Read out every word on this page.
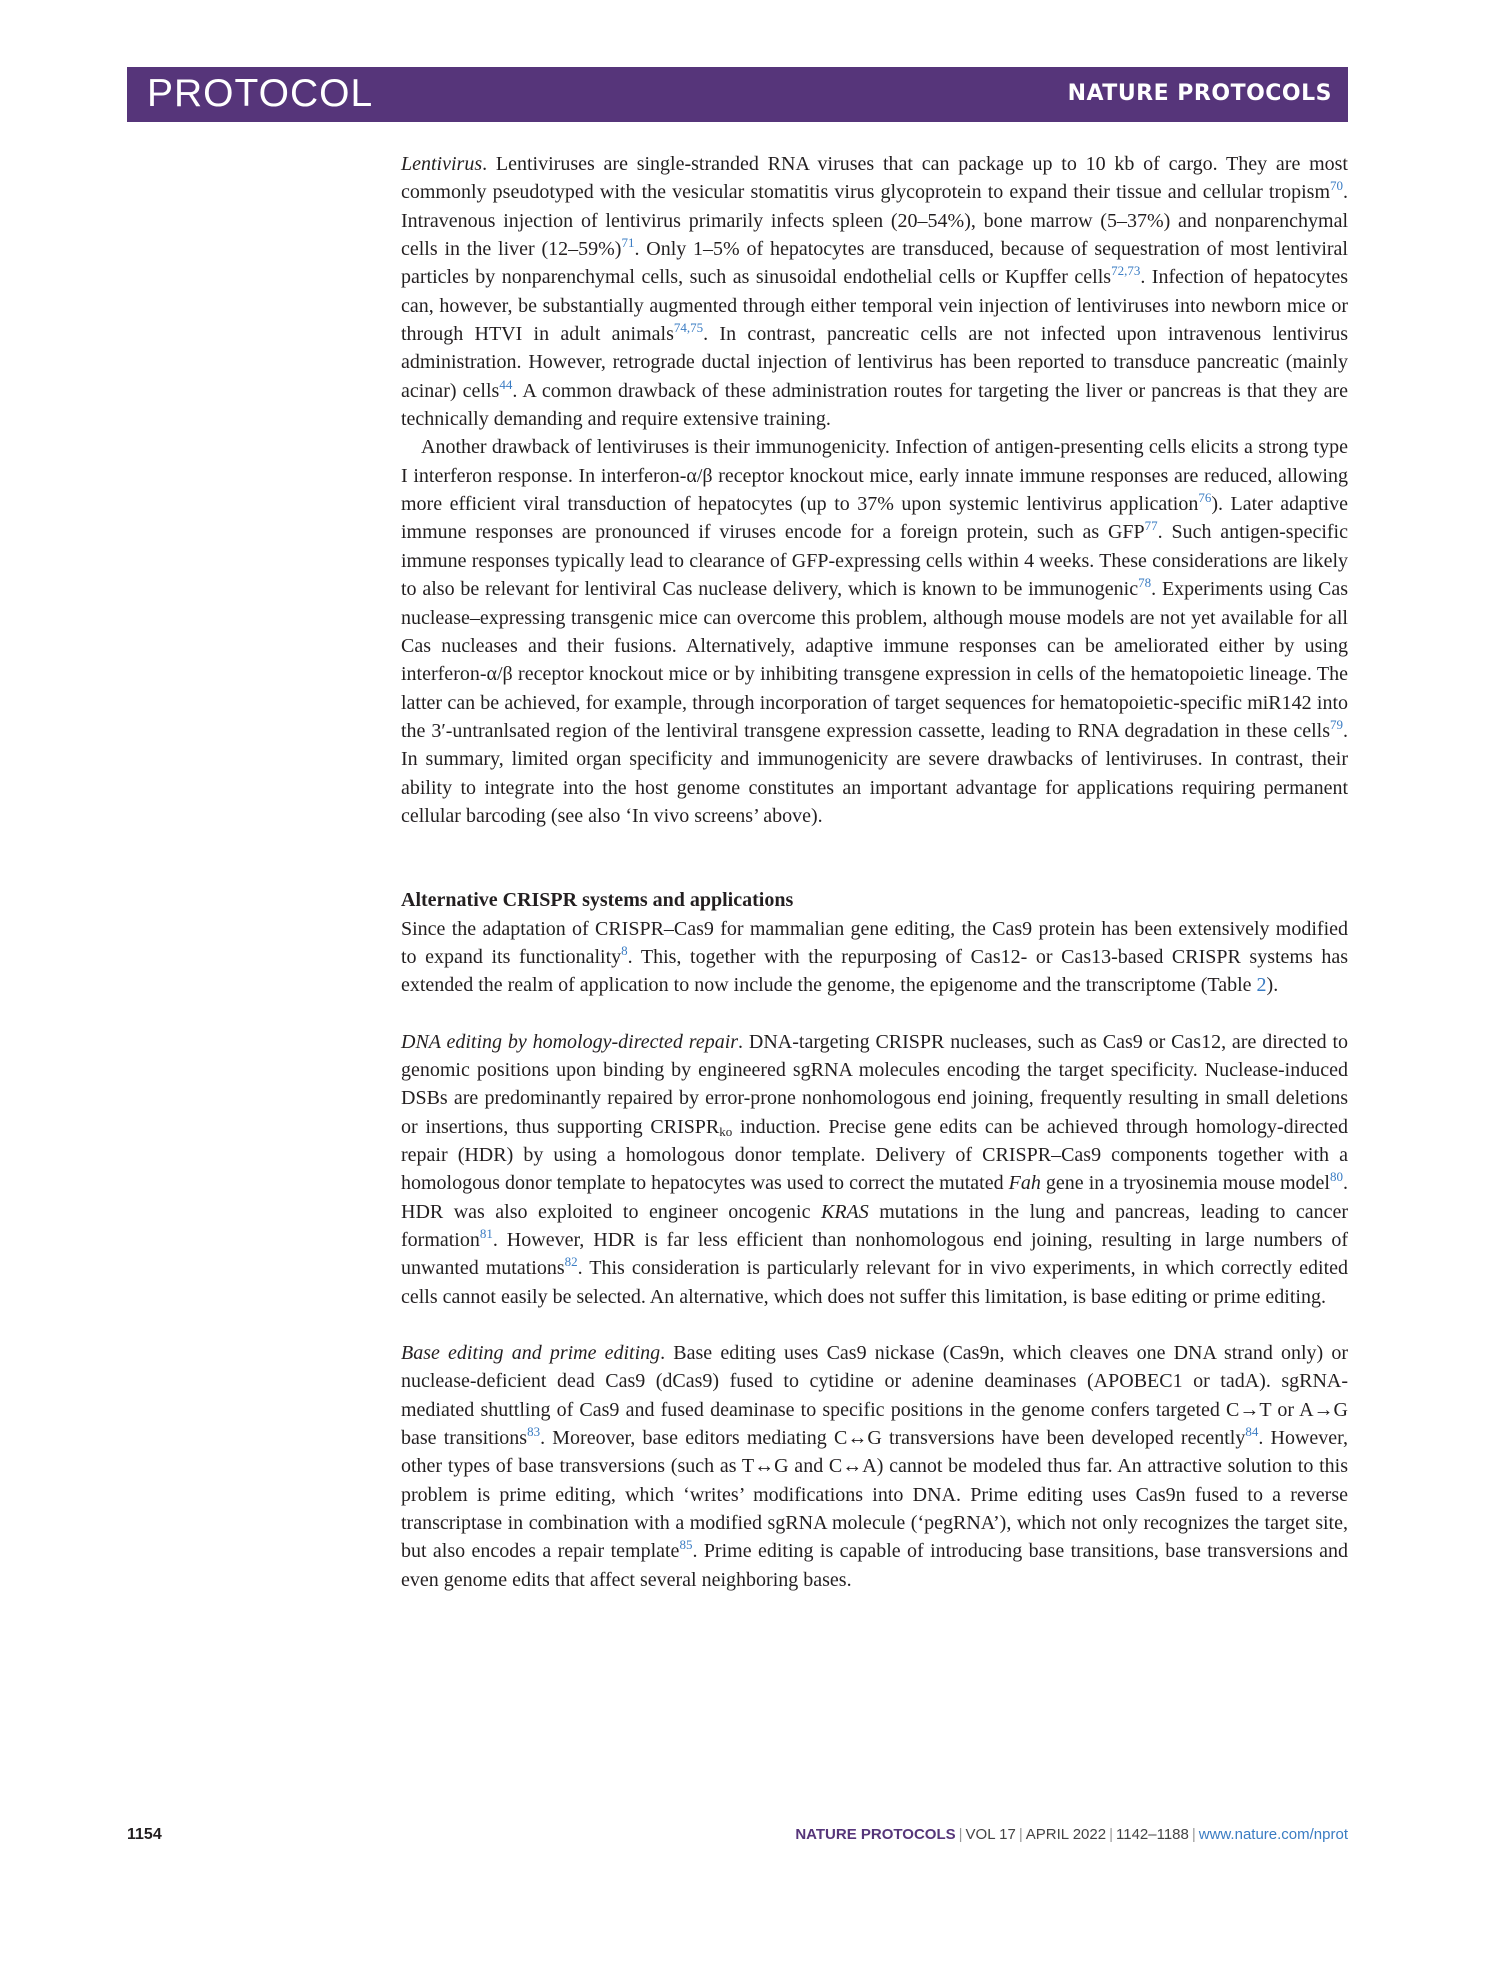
PROTOCOL	NATURE PROTOCOLS

Lentivirus. Lentiviruses are single-stranded RNA viruses that can package up to 10 kb of cargo. They are most commonly pseudotyped with the vesicular stomatitis virus glycoprotein to expand their tissue and cellular tropism$^{70}$. Intravenous injection of lentivirus primarily infects spleen (20–54%), bone marrow (5–37%) and nonparenchymal cells in the liver $(12-59\%)^{71}$. Only 1–5% of hepatocytes are transduced, because of sequestration of most lentiviral particles by nonparenchymal cells, such as sinusoidal endothelial cells or Kupffer cells$^{72,73}$. Infection of hepatocytes can, however, be substantially augmented through either temporal vein injection of lentiviruses into newborn mice or through HTVI in adult animals$^{74,75}$. In contrast, pancreatic cells are not infected upon intravenous lentivirus administration. However, retrograde ductal injection of lentivirus has been reported to transduce pancreatic (mainly acinar) cells$^{44}$. A common drawback of these administration routes for targeting the liver or pancreas is that they are technically demanding and require extensive training.

Another drawback of lentiviruses is their immunogenicity. Infection of antigen-presenting cells elicits a strong type I interferon response. In interferon-α/β receptor knockout mice, early innate immune responses are reduced, allowing more efficient viral transduction of hepatocytes (up to 37% upon systemic lentivirus application$^{76}$). Later adaptive immune responses are pronounced if viruses encode for a foreign protein, such as GFP$^{77}$. Such antigen-specific immune responses typically lead to clearance of GFP-expressing cells within 4 weeks. These considerations are likely to also be relevant for lentiviral Cas nuclease delivery, which is known to be immunogenic$^{78}$. Experiments using Cas nuclease–expressing transgenic mice can overcome this problem, although mouse models are not yet available for all Cas nucleases and their fusions. Alternatively, adaptive immune responses can be ameliorated either by using interferon-α/β receptor knockout mice or by inhibiting transgene expression in cells of the hematopoietic lineage. The latter can be achieved, for example, through incorporation of target sequences for hematopoietic-specific miR142 into the 3′-untranlsated region of the lentiviral transgene expression cassette, leading to RNA degradation in these cells$^{79}$. In summary, limited organ specificity and immunogenicity are severe drawbacks of lentiviruses. In contrast, their ability to integrate into the host genome constitutes an important advantage for applications requiring permanent cellular barcoding (see also ‘In vivo screens’ above).

Alternative CRISPR systems and applications

Since the adaptation of CRISPR–Cas9 for mammalian gene editing, the Cas9 protein has been extensively modified to expand its functionality$^8$. This, together with the repurposing of Cas12- or Cas13-based CRISPR systems has extended the realm of application to now include the genome, the epigenome and the transcriptome (Table 2).

DNA editing by homology-directed repair. DNA-targeting CRISPR nucleases, such as Cas9 or Cas12, are directed to genomic positions upon binding by engineered sgRNA molecules encoding the target specificity. Nuclease-induced DSBs are predominantly repaired by error-prone nonhomologous end joining, frequently resulting in small deletions or insertions, thus supporting $CRISPR_{ko}$ induction. Precise gene edits can be achieved through homology-directed repair (HDR) by using a homologous donor template. Delivery of CRISPR–Cas9 components together with a homologous donor template to hepatocytes was used to correct the mutated Fah gene in a tryosinemia mouse model$^{80}$. HDR was also exploited to engineer oncogenic KRAS mutations in the lung and pancreas, leading to cancer formation$^{81}$. However, HDR is far less efficient than nonhomologous end joining, resulting in large numbers of unwanted mutations$^{82}$. This consideration is particularly relevant for in vivo experiments, in which correctly edited cells cannot easily be selected. An alternative, which does not suffer this limitation, is base editing or prime editing.

Base editing and prime editing. Base editing uses Cas9 nickase (Cas9n, which cleaves one DNA strand only) or nuclease-deficient dead Cas9 (dCas9) fused to cytidine or adenine deaminases (APOBEC1 or tadA). sgRNA-mediated shuttling of Cas9 and fused deaminase to specific positions in the genome confers targeted C→T or A→G base transitions$^{83}$. Moreover, base editors mediating C↔G transversions have been developed recently$^{84}$. However, other types of base transversions (such as T↔G and C↔A) cannot be modeled thus far. An attractive solution to this problem is prime editing, which ‘writes’ modifications into DNA. Prime editing uses Cas9n fused to a reverse transcriptase in combination with a modified sgRNA molecule (‘pegRNA’), which not only recognizes the target site, but also encodes a repair template$^{85}$. Prime editing is capable of introducing base transitions, base transversions and even genome edits that affect several neighboring bases.

1154	NATURE PROTOCOLS | VOL 17 | APRIL 2022 | 1142–1188 | www.nature.com/nprot
